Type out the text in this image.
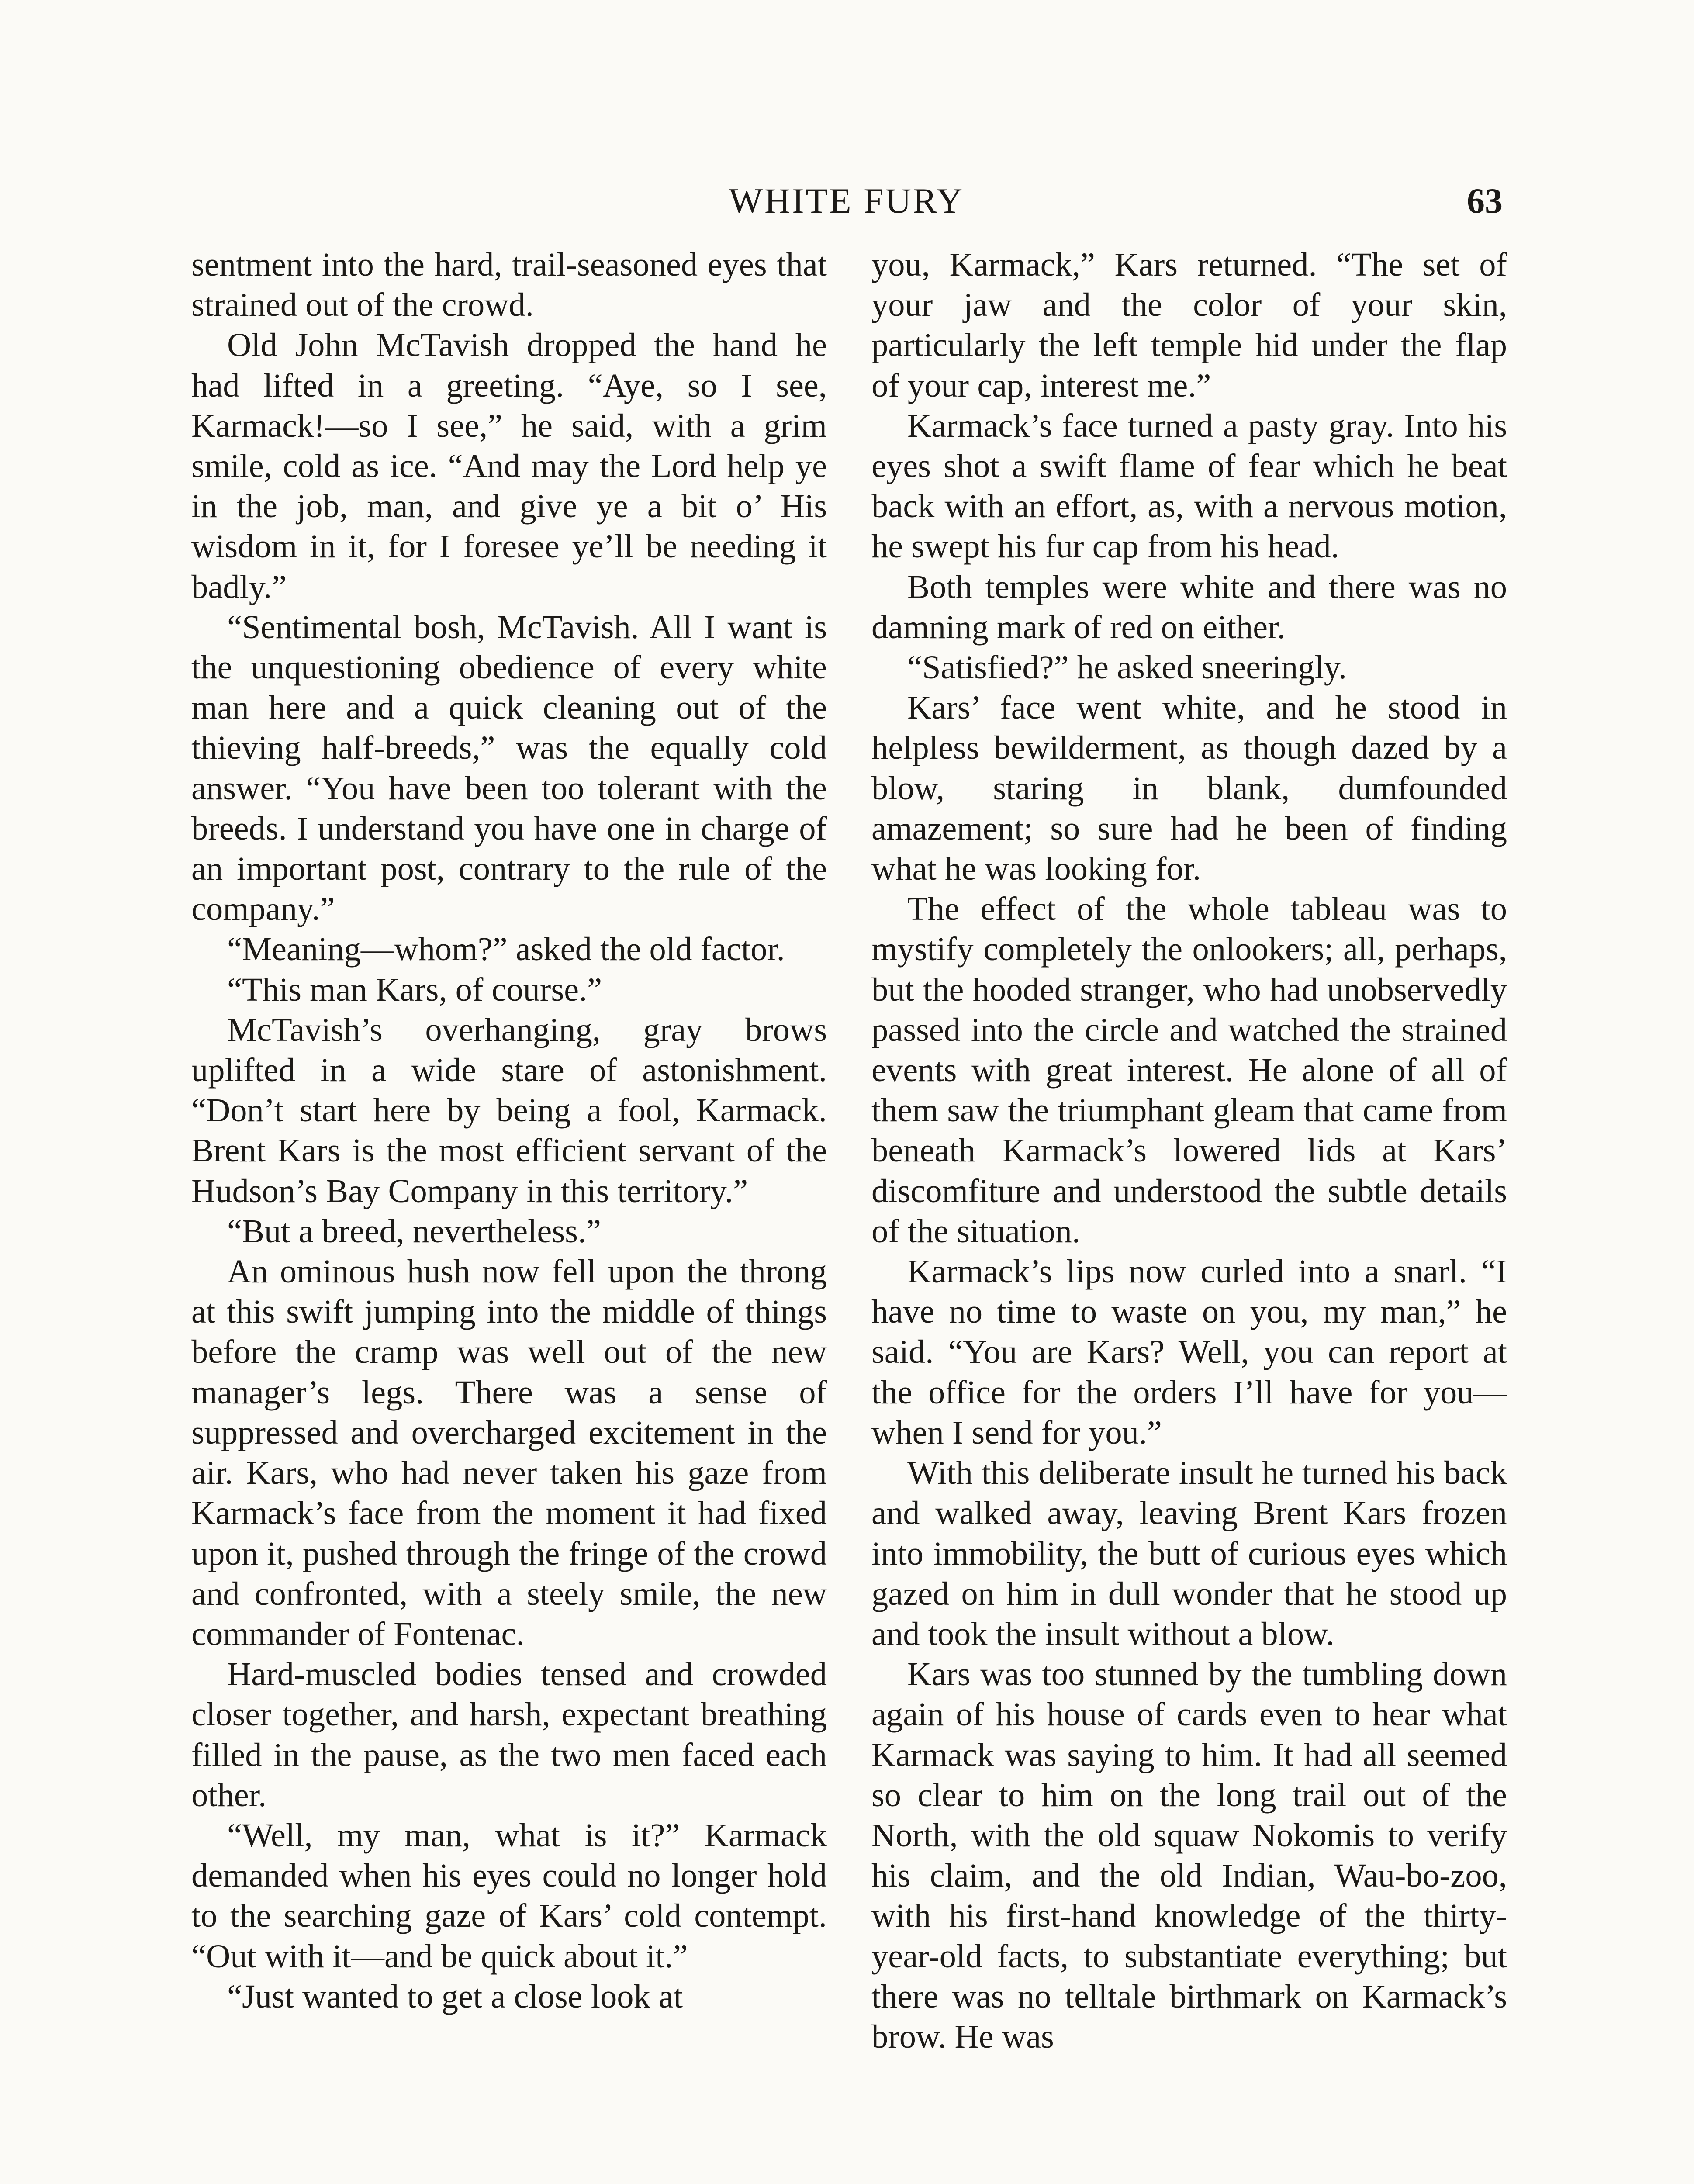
WHITE FURY	63

sentment into the hard, trail-seasoned eyes that strained out of the crowd.

Old John McTavish dropped the hand he had lifted in a greeting. “Aye, so I see, Karmack!—so I see,” he said, with a grim smile, cold as ice. “And may the Lord help ye in the job, man, and give ye a bit o’ His wisdom in it, for I foresee ye’ll be needing it badly.”

“Sentimental bosh, McTavish. All I want is the unquestioning obedience of every white man here and a quick cleaning out of the thieving half-breeds,” was the equally cold answer. “You have been too tolerant with the breeds. I understand you have one in charge of an important post, contrary to the rule of the company.”

“Meaning—whom?” asked the old factor.

“This man Kars, of course.”

McTavish’s overhanging, gray brows uplifted in a wide stare of astonishment. “Don’t start here by being a fool, Karmack. Brent Kars is the most efficient servant of the Hudson’s Bay Company in this territory.”

“But a breed, nevertheless.”

An ominous hush now fell upon the throng at this swift jumping into the middle of things before the cramp was well out of the new manager’s legs. There was a sense of suppressed and overcharged excitement in the air. Kars, who had never taken his gaze from Karmack’s face from the moment it had fixed upon it, pushed through the fringe of the crowd and confronted, with a steely smile, the new commander of Fontenac.

Hard-muscled bodies tensed and crowded closer together, and harsh, expectant breathing filled in the pause, as the two men faced each other.

“Well, my man, what is it?” Karmack demanded when his eyes could no longer hold to the searching gaze of Kars’ cold contempt. “Out with it—and be quick about it.”

“Just wanted to get a close look at

you, Karmack,” Kars returned. “The set of your jaw and the color of your skin, particularly the left temple hid under the flap of your cap, interest me.”

Karmack’s face turned a pasty gray. Into his eyes shot a swift flame of fear which he beat back with an effort, as, with a nervous motion, he swept his fur cap from his head.

Both temples were white and there was no damning mark of red on either.

“Satisfied?” he asked sneeringly.

Kars’ face went white, and he stood in helpless bewilderment, as though dazed by a blow, staring in blank, dumfounded amazement; so sure had he been of finding what he was looking for.

The effect of the whole tableau was to mystify completely the onlookers; all, perhaps, but the hooded stranger, who had unobservedly passed into the circle and watched the strained events with great interest. He alone of all of them saw the triumphant gleam that came from beneath Karmack’s lowered lids at Kars’ discomfiture and understood the subtle details of the situation.

Karmack’s lips now curled into a snarl. “I have no time to waste on you, my man,” he said. “You are Kars? Well, you can report at the office for the orders I’ll have for you—when I send for you.”

With this deliberate insult he turned his back and walked away, leaving Brent Kars frozen into immobility, the butt of curious eyes which gazed on him in dull wonder that he stood up and took the insult without a blow.

Kars was too stunned by the tumbling down again of his house of cards even to hear what Karmack was saying to him. It had all seemed so clear to him on the long trail out of the North, with the old squaw Nokomis to verify his claim, and the old Indian, Wau-bo-zoo, with his first-hand knowledge of the thirty-year-old facts, to substantiate everything; but there was no telltale birthmark on Karmack’s brow. He was
